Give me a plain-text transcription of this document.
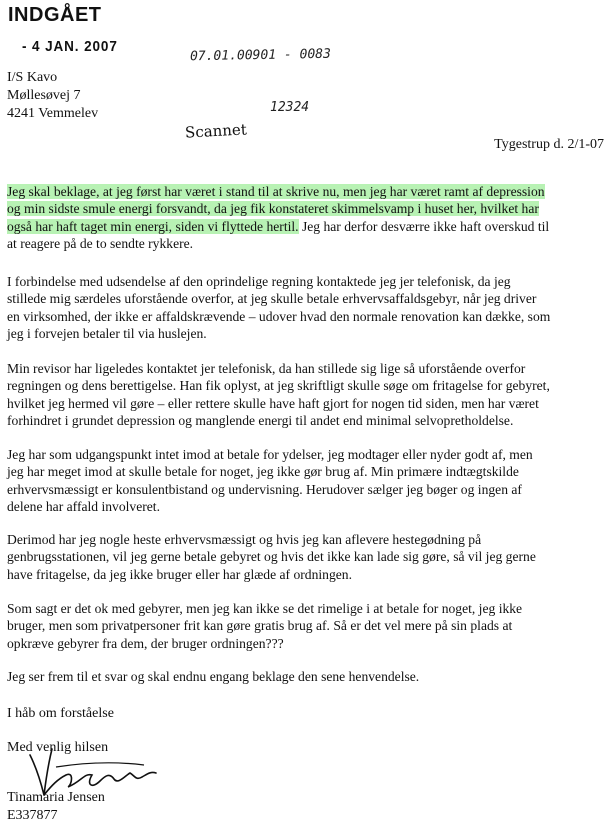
INDGÅET
- 4 JAN. 2007
I/S Kavo
Møllesøvej 7
4241 Vemmelev
07.01.00901 - 0083
12324
Scannet
Tygestrup d. 2/1-07
Jeg skal beklage, at jeg først har været i stand til at skrive nu, men jeg har været ramt af depression
og min sidste smule energi forsvandt, da jeg fik konstateret skimmelsvamp i huset her, hvilket har
også har haft taget min energi, siden vi flyttede hertil. Jeg har derfor desværre ikke haft overskud til
at reagere på de to sendte rykkere.
I forbindelse med udsendelse af den oprindelige regning kontaktede jeg jer telefonisk, da jeg
stillede mig særdeles uforstående overfor, at jeg skulle betale erhvervsaffaldsgebyr, når jeg driver
en virksomhed, der ikke er affaldskrævende – udover hvad den normale renovation kan dække, som
jeg i forvejen betaler til via huslejen.
Min revisor har ligeledes kontaktet jer telefonisk, da han stillede sig lige så uforstående overfor
regningen og dens berettigelse. Han fik oplyst, at jeg skriftligt skulle søge om fritagelse for gebyret,
hvilket jeg hermed vil gøre – eller rettere skulle have haft gjort for nogen tid siden, men har været
forhindret i grundet depression og manglende energi til andet end minimal selvopretholdelse.
Jeg har som udgangspunkt intet imod at betale for ydelser, jeg modtager eller nyder godt af, men
jeg har meget imod at skulle betale for noget, jeg ikke gør brug af. Min primære indtægtskilde
erhvervsmæssigt er konsulentbistand og undervisning. Herudover sælger jeg bøger og ingen af
delene har affald involveret.
Derimod har jeg nogle heste erhvervsmæssigt og hvis jeg kan aflevere hestegødning på
genbrugsstationen, vil jeg gerne betale gebyret og hvis det ikke kan lade sig gøre, så vil jeg gerne
have fritagelse, da jeg ikke bruger eller har glæde af ordningen.
Som sagt er det ok med gebyrer, men jeg kan ikke se det rimelige i at betale for noget, jeg ikke
bruger, men som privatpersoner frit kan gøre gratis brug af. Så er det vel mere på sin plads at
opkræve gebyrer fra dem, der bruger ordningen???
Jeg ser frem til et svar og skal endnu engang beklage den sene henvendelse.
I håb om forståelse
Med venlig hilsen
Tinamaria Jensen
E337877
